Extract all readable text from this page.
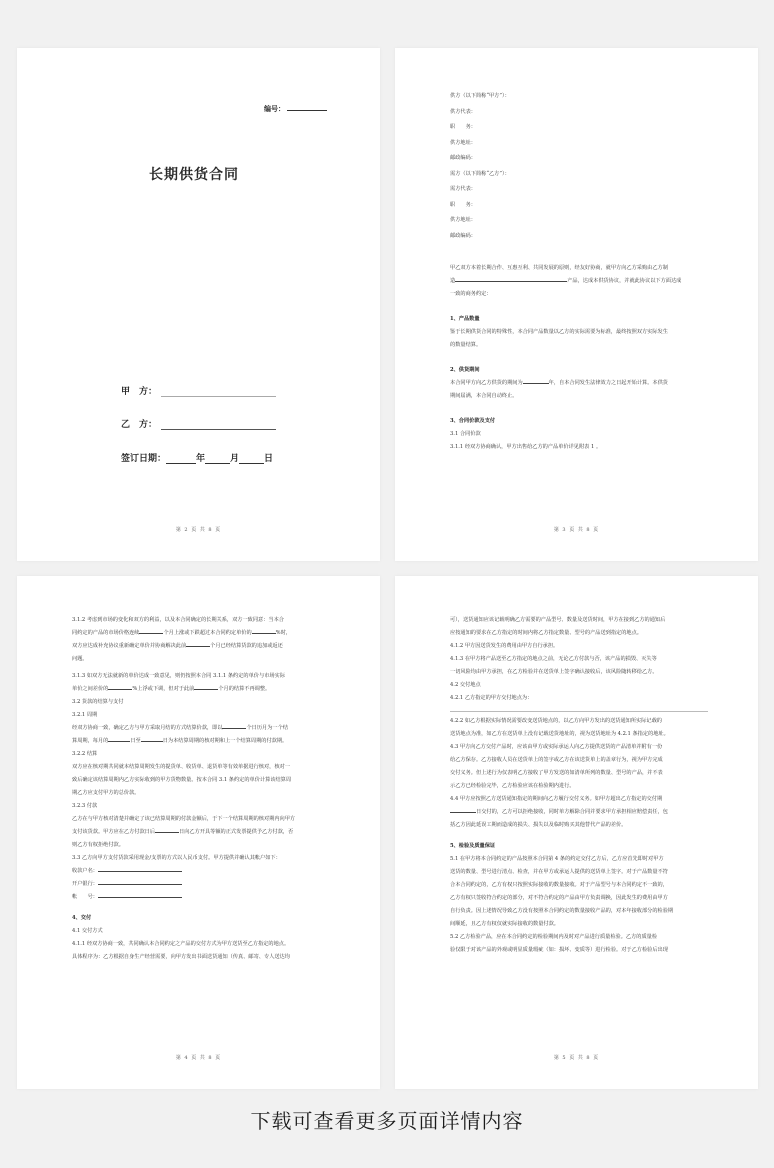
编号：
长期供货合同
甲　方：
乙　方：
签订日期：	年	月	日
第 2 页 共 8 页
供方（以下简称“甲方”）：
供方代表：
职　　务：
供方地址：
邮政编码：
需方（以下简称“乙方”）：
需方代表：
职　　务：
供方地址：
邮政编码：
甲乙双方本着长期合作、互惠互利、共同发展的原则，经友好协商，就甲方向乙方采购由乙方制
造	产品，达成本供货协议，并就此协议以下方面达成
一致的商务约定：
1、产品数量
鉴于长期供货合同的特殊性，本合同产品数量以乙方的实际需要为标准，最终按照双方实际发生
的数量结算。
2、供货期间
本合同甲方向乙方供货的期间为	年，自本合同发生法律效力之日起开始计算。本供货
期间届满，本合同自动终止。
3、合同价款及支付
3.1 合同价款
3.1.1 经双方协商确认，甲方出售给乙方的产品单价详见附表 1 。
第 3 页 共 8 页
3.1.2 考虑到市场的变化和双方的利益，以及本合同确定的长期关系，双方一致同意：当本合
同约定的产品的市场价格连续	个月上涨或下跌超过本合同约定单价的	%时，
双方应达成补充协议重新确定单价并协商解决此前	个月已经结算货款的追加或返还
问题。
3.1.3 如双方无法就新的单价达成一致意见，则仍按照本合同 3.1.1 条约定的单价与市场实际
单价之间差价的	%上浮或下调，但对于此前	个月的结算不再调整。
3.2 货款的结算与支付
3.2.1 周期
经双方协商一致，确定乙方与甲方采取月结的方式结算价款，即以	个日历月为一个结
算周期，每月的	日至	日为本结算周期的核对期和上一个结算周期的付款期。
3.2.2 结算
双方应在核对期共同就本结算周期发生的提货单、收货单、退货单等有效单据进行核对，核对一
致后确定该结算周期内乙方实际收到的甲方货物数量。按本合同 3.1 条约定的单价计算该结算周
期乙方应支付甲方的总价款。
3.2.3 付款
乙方在与甲方核对清楚并确定了该已结算周期的付款金额后，于下一个结算周期的核对期内向甲方
支付该货款。甲方应在乙方付款日后	日向乙方开具等额的正式发票提供予乙方付款，否
则乙方有权拒绝付款。
3.3 乙方向甲方支付货款采用现金/支票的方式以人民币支付。甲方提供并确认其帐户如下：
收款户名：
开户银行：
帐　　号：
4、交付
4.1 交付方式
4.1.1 经双方协商一致，共同确认本合同约定之产品的交付方式为甲方送货至乙方指定的地点。
具体程序为：乙方根据自身生产经营需要，向甲方发出书面送货通知（传真、邮寄、专人送达均
第 4 页 共 8 页
可），送货通知应该记载明确乙方需要的产品型号、数量及送货时间，甲方在接到乙方的通知后
应按通知的要求在乙方指定的时间内将乙方指定数量、型号的产品送到指定的地点。
4.1.2 甲方因送货发生的费用由甲方自行承担。
4.1.3 在甲方将产品送至乙方指定的地点之前，无论乙方付款与否，该产品的损毁、灭失等
一切风险均由甲方承担，在乙方检验并在送货单上签字确认接收后，该风险随转移给乙方。
4.2 交付地点
4.2.1 乙方指定的甲方交付地点为：
4.2.2 如乙方根据实际情况需要改变送货地点的，以乙方向甲方发出的送货通知所实际记载的
送货地点为准，如乙方在送货单上没有记载送货地址的，视为送货地址为 4.2.1 条指定的地址。
4.3 甲方向乙方交付产品时，应该由甲方或实际承运人向乙方提供送货的产品清单并附有一份
给乙方保存。乙方接收人员在送货单上的签字或乙方在该送货单上的盖章行为，视为甲方完成
交付义务。但上述行为仅表明乙方接收了甲方发送的如清单所列的数量、型号的产品，并不表
示乙方已经检验完毕，乙方检验应该在检验期内进行。
4.4 甲方应按照乙方送货通知指定的期间向乙方履行交付义务。如甲方超出乙方指定的交付期
日交付的，乙方可以拒绝接收，同时单方解除合同并要求甲方承担相应赔偿责任，包
括乙方因此延误工期而造成的损失、损失以及临时购买其他替代产品的差价。
5、检验及质量保证
5.1 在甲方将本合同约定的产品按照本合同第 4 条的约定交付乙方后，乙方应首先即时对甲方
送货的数量、型号进行清点、检查，并在甲方或承运人提供的送货单上签字。对于产品数量不符
合本合同约定的，乙方有权只按照实际接收的数量接收。对于产品型号与本合同约定不一致的，
乙方有权只签收符合约定的部分，对不符合约定的产品由甲方负责调换，因此发生的费用由甲方
自行负责。因上述情况导致乙方没有按照本合同约定的数量接收产品的，对本年接收部分的检验期
间顺延，且乙方有权仅就实际接收的数量付款。
5.2 乙方检验产品，应在本合同约定的检验期间内及时对产品进行质量检验。乙方的质量检
验仅限于对该产品的外观或明显质量瑕疵（如：损坏、变质等）进行检验。对于乙方检验后出现
第 5 页 共 8 页
下载可查看更多页面详情内容
